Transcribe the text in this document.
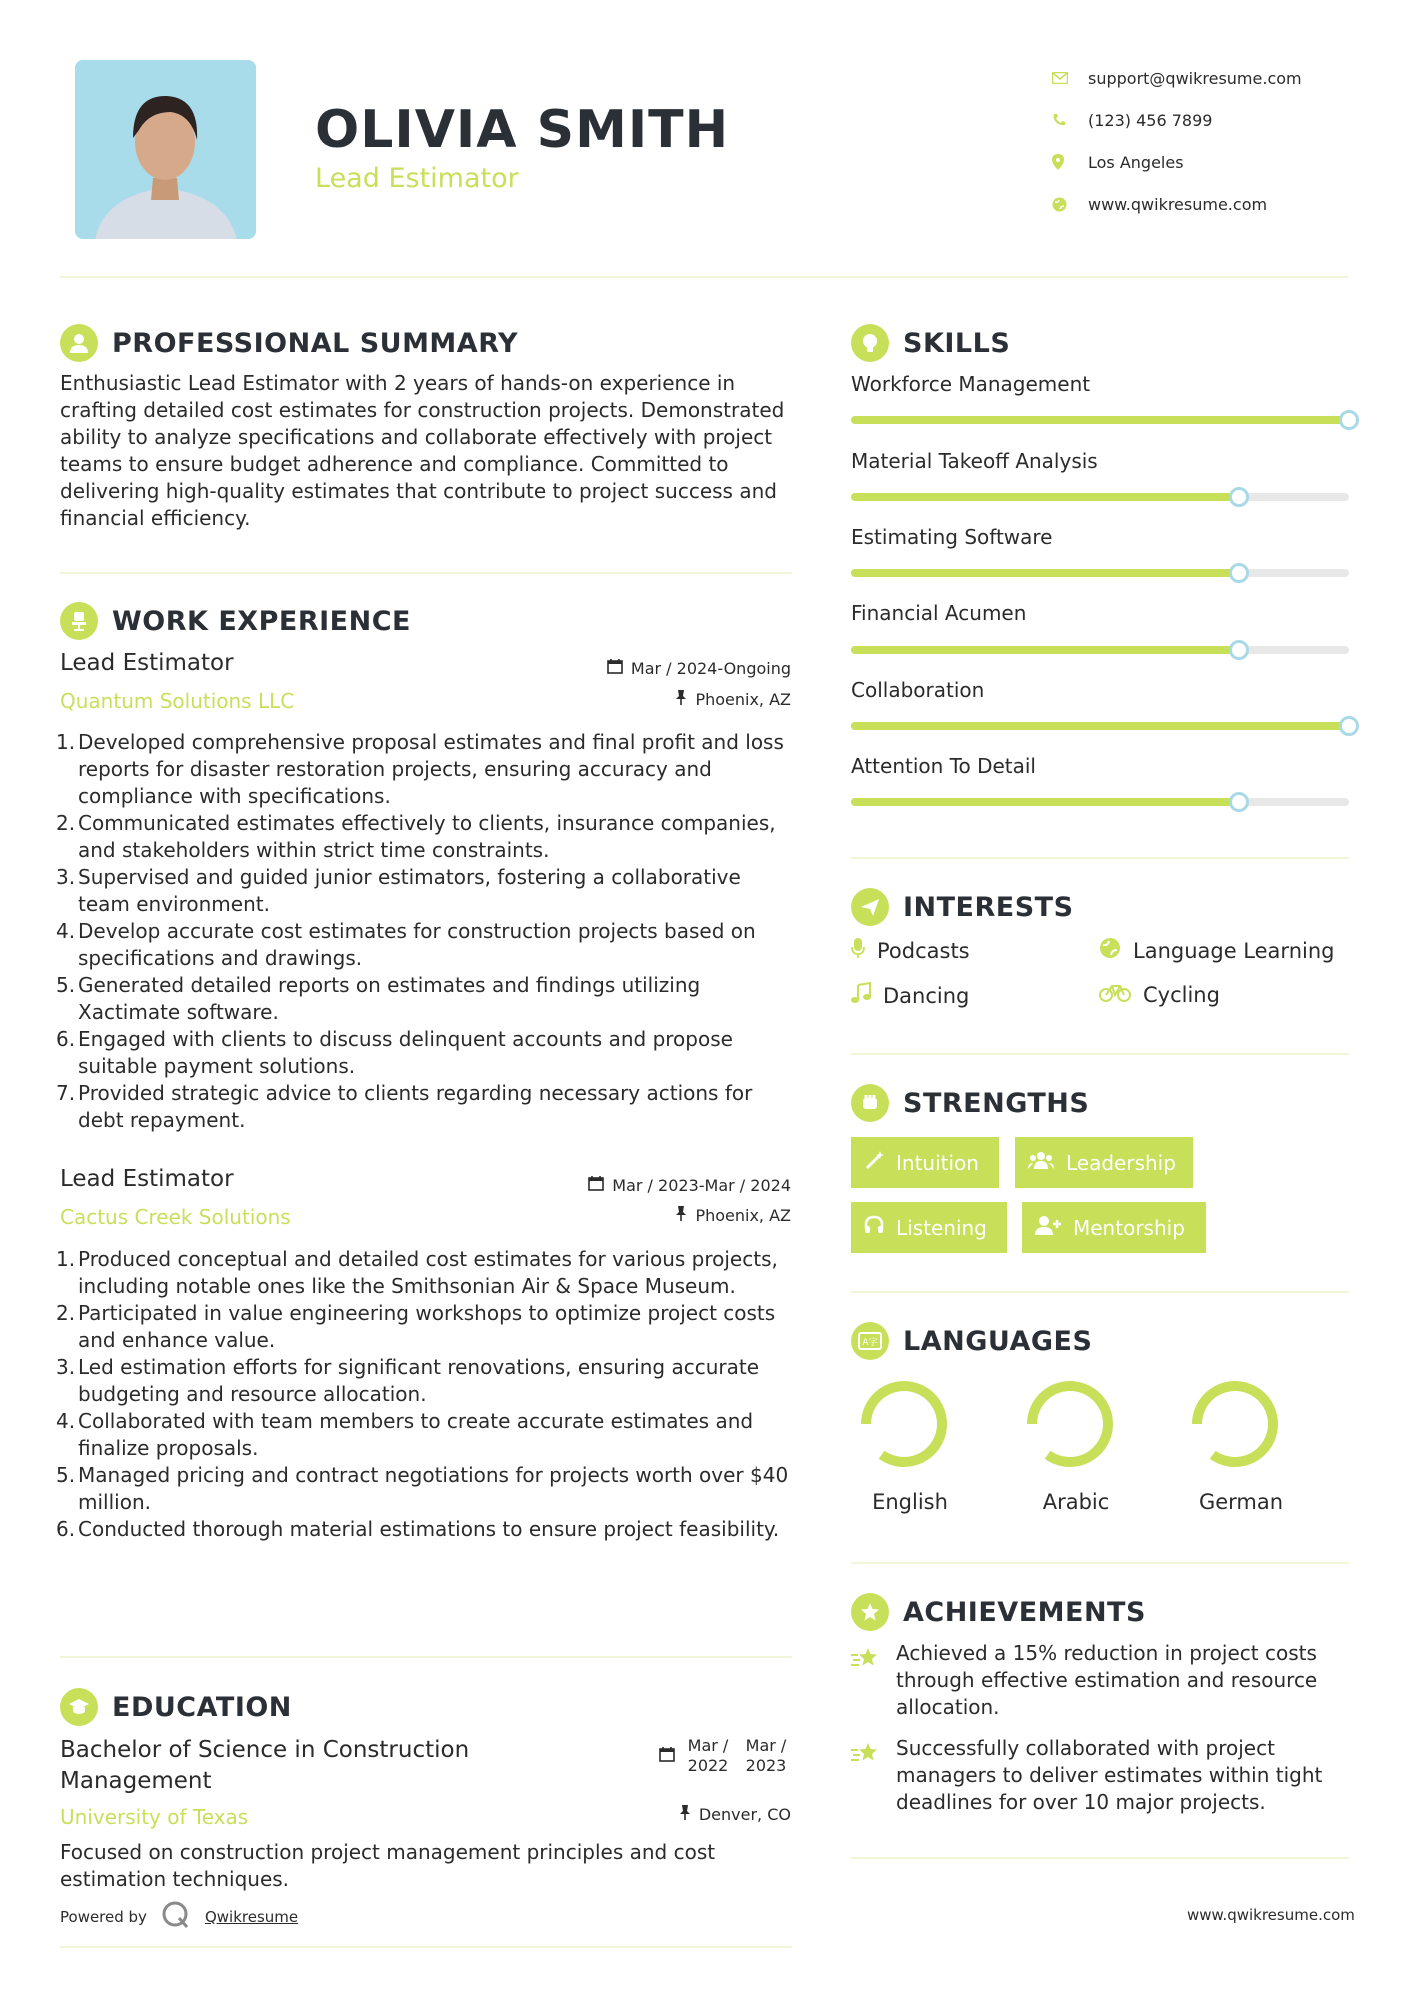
OLIVIA SMITH
Lead Estimator
support@qwikresume.com
(123) 456 7899
Los Angeles
www.qwikresume.com
PROFESSIONAL SUMMARY
Enthusiastic Lead Estimator with 2 years of hands-on experience in crafting detailed cost estimates for construction projects. Demonstrated ability to analyze specifications and collaborate effectively with project teams to ensure budget adherence and compliance. Committed to delivering high-quality estimates that contribute to project success and financial efficiency.
WORK EXPERIENCE
Lead Estimator
Quantum Solutions LLC
Mar / 2024-Ongoing
Phoenix, AZ
1. Developed comprehensive proposal estimates and final profit and loss reports for disaster restoration projects, ensuring accuracy and compliance with specifications.
2. Communicated estimates effectively to clients, insurance companies, and stakeholders within strict time constraints.
3. Supervised and guided junior estimators, fostering a collaborative team environment.
4. Develop accurate cost estimates for construction projects based on specifications and drawings.
5. Generated detailed reports on estimates and findings utilizing Xactimate software.
6. Engaged with clients to discuss delinquent accounts and propose suitable payment solutions.
7. Provided strategic advice to clients regarding necessary actions for debt repayment.
Lead Estimator
Cactus Creek Solutions
Mar / 2023-Mar / 2024
Phoenix, AZ
1. Produced conceptual and detailed cost estimates for various projects, including notable ones like the Smithsonian Air & Space Museum.
2. Participated in value engineering workshops to optimize project costs and enhance value.
3. Led estimation efforts for significant renovations, ensuring accurate budgeting and resource allocation.
4. Collaborated with team members to create accurate estimates and finalize proposals.
5. Managed pricing and contract negotiations for projects worth over $40 million.
6. Conducted thorough material estimations to ensure project feasibility.
EDUCATION
Bachelor of Science in Construction Management
University of Texas
Mar / 2022
Mar / 2023
Denver, CO
Focused on construction project management principles and cost estimation techniques.
Powered by	Qwikresume
SKILLS
Workforce Management
Material Takeoff Analysis
Estimating Software
Financial Acumen
Collaboration
Attention To Detail
INTERESTS
Podcasts	Language Learning
Dancing	Cycling
STRENGTHS
Intuition	Leadership
Listening	Mentorship
A字 LANGUAGES
English	Arabic	German
ACHIEVEMENTS
Achieved a 15% reduction in project costs through effective estimation and resource allocation.
Successfully collaborated with project managers to deliver estimates within tight deadlines for over 10 major projects.
www.qwikresume.com
